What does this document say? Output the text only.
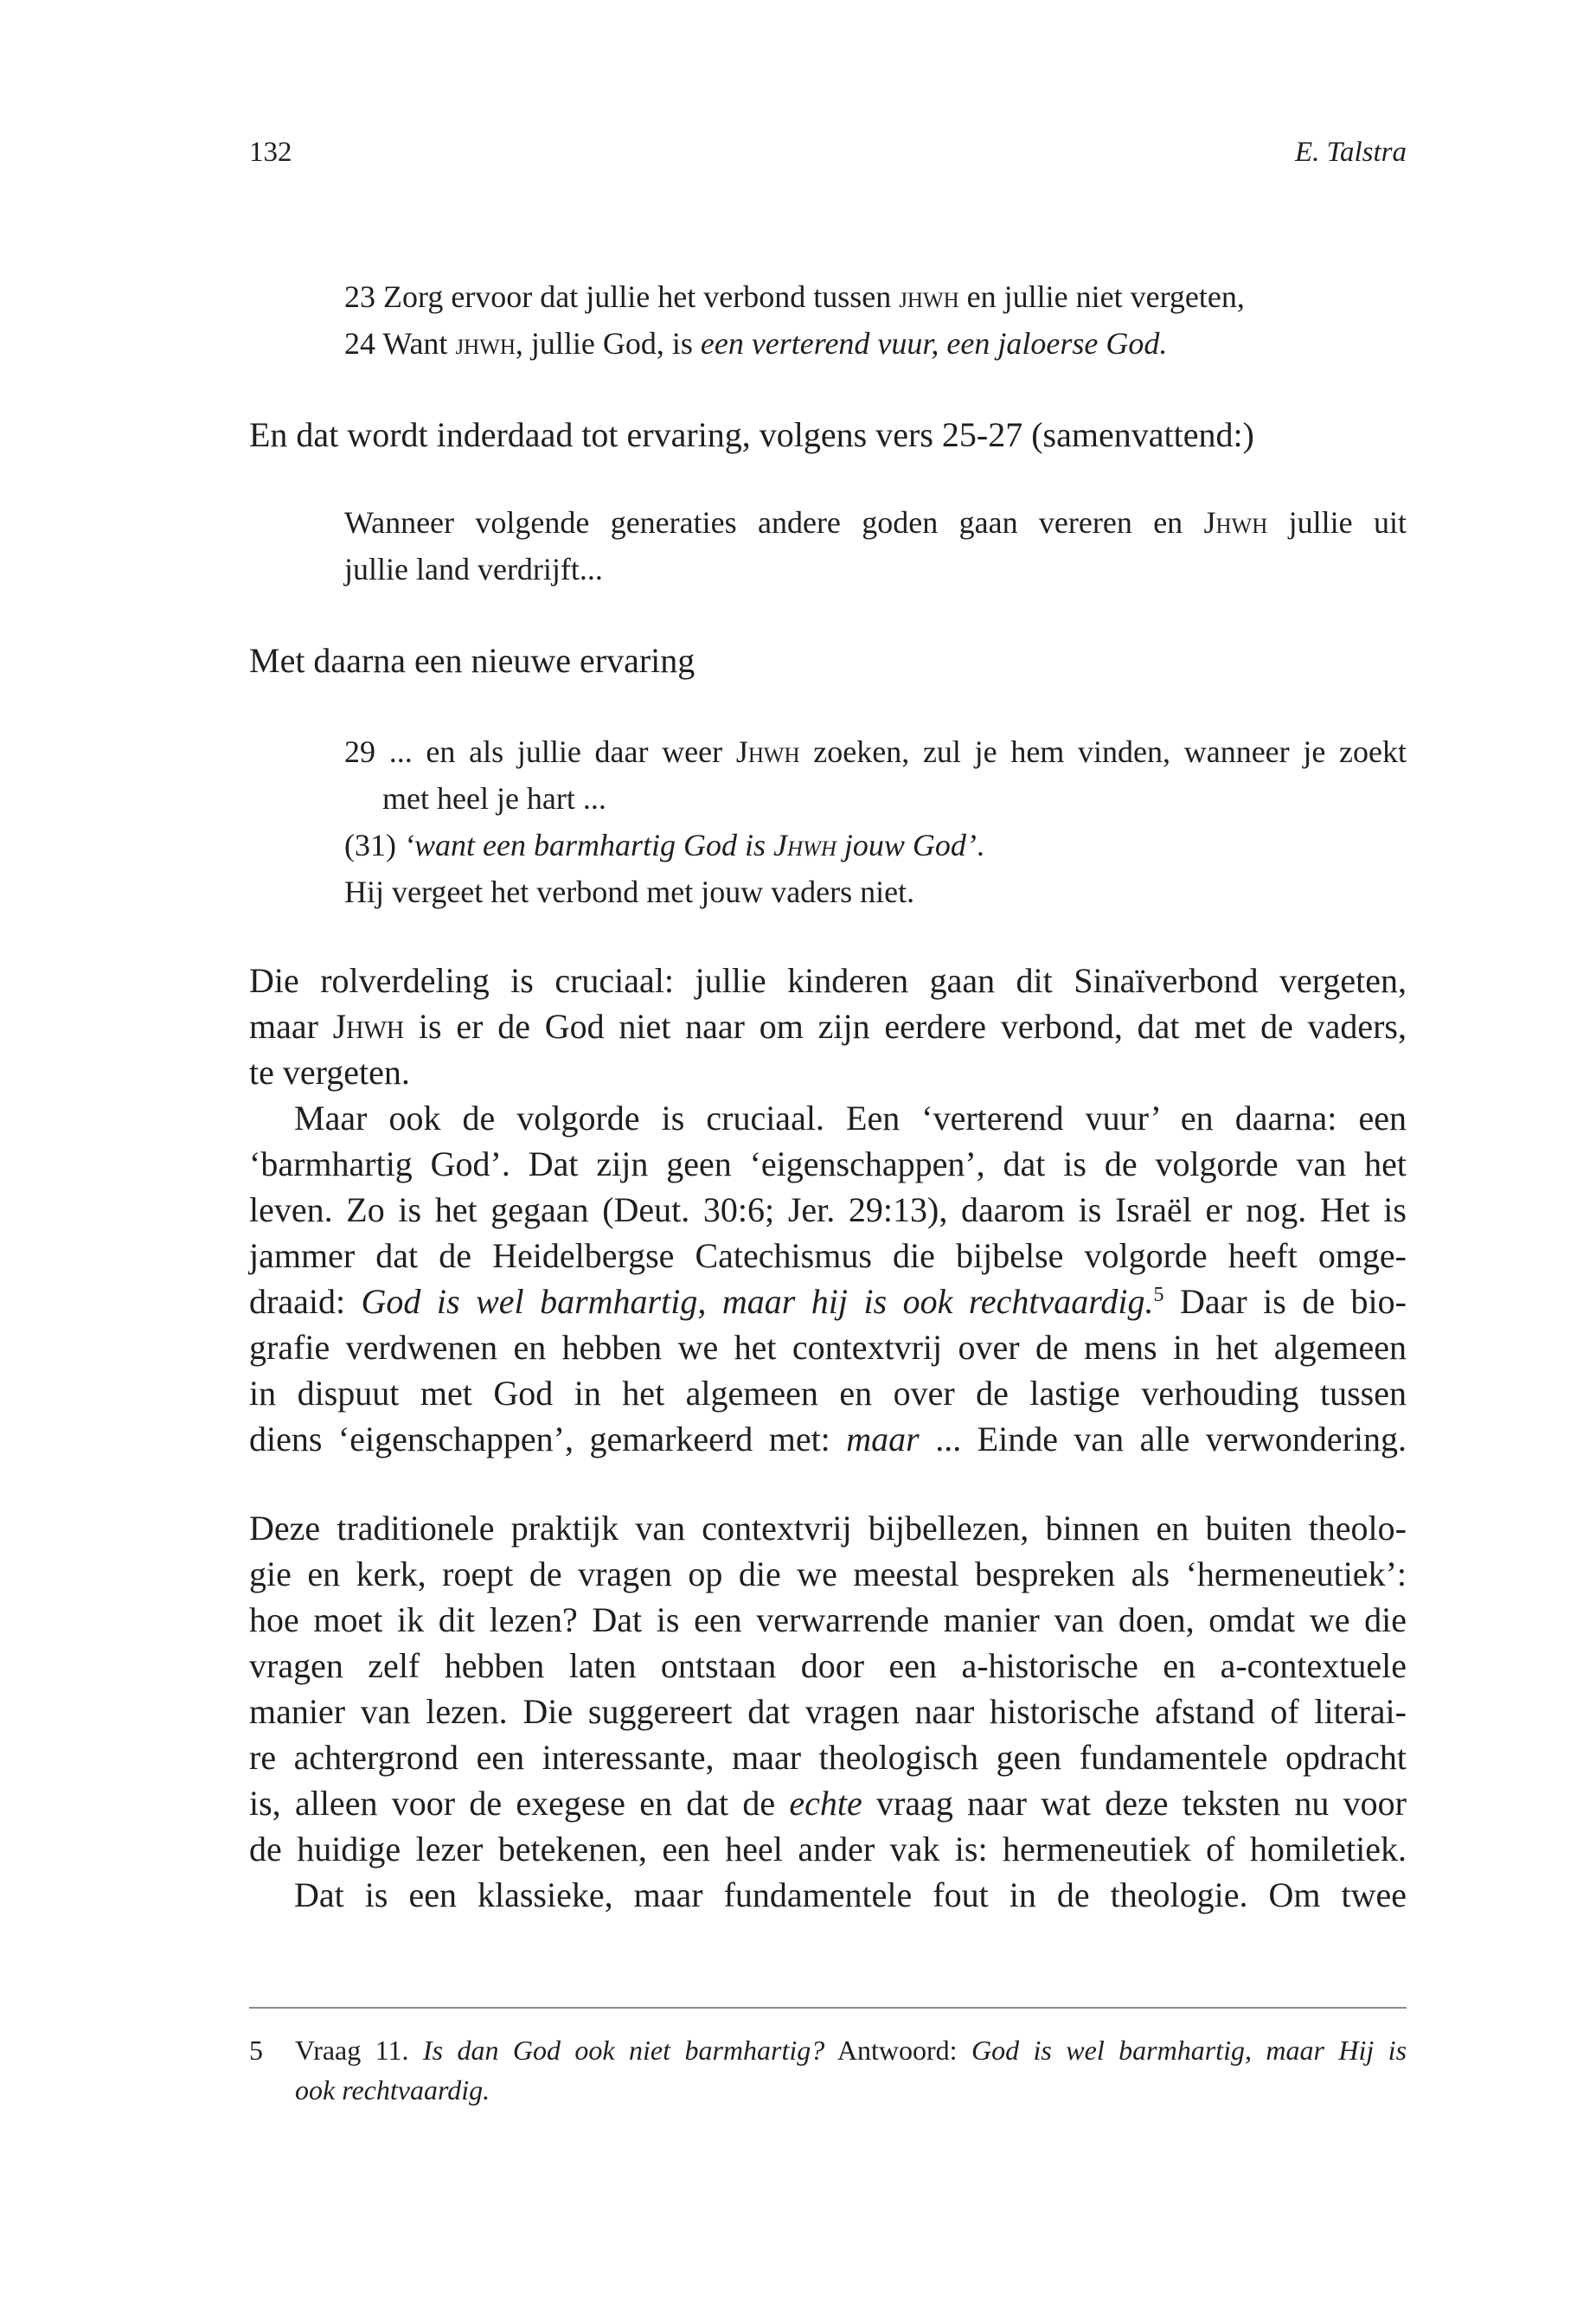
132	E. Talstra
23 Zorg ervoor dat jullie het verbond tussen jhwh en jullie niet vergeten,
24 Want jhwh, jullie God, is een verterend vuur, een jaloerse God.
En dat wordt inderdaad tot ervaring, volgens vers 25-27 (samenvattend:)
Wanneer volgende generaties andere goden gaan vereren en Jhwh jullie uit
jullie land verdrijft...
Met daarna een nieuwe ervaring
29 ... en als jullie daar weer Jhwh zoeken, zul je hem vinden, wanneer je zoekt
met heel je hart ...
(31) ‘want een barmhartig God is Jhwh jouw God’.
Hij vergeet het verbond met jouw vaders niet.
Die rolverdeling is cruciaal: jullie kinderen gaan dit Sinaïverbond vergeten,
maar Jhwh is er de God niet naar om zijn eerdere verbond, dat met de vaders,
te vergeten.
Maar ook de volgorde is cruciaal. Een ‘verterend vuur’ en daarna: een
‘barmhartig God’. Dat zijn geen ‘eigenschappen’, dat is de volgorde van het
leven. Zo is het gegaan (Deut. 30:6; Jer. 29:13), daarom is Israël er nog. Het is
jammer dat de Heidelbergse Catechismus die bijbelse volgorde heeft omge-
draaid: God is wel barmhartig, maar hij is ook rechtvaardig.$^5$ Daar is de bio-
grafie verdwenen en hebben we het contextvrij over de mens in het algemeen
in dispuut met God in het algemeen en over de lastige verhouding tussen
diens ‘eigenschappen’, gemarkeerd met: maar ... Einde van alle verwondering.
Deze traditionele praktijk van contextvrij bijbellezen, binnen en buiten theolo-
gie en kerk, roept de vragen op die we meestal bespreken als ‘hermeneutiek’:
hoe moet ik dit lezen? Dat is een verwarrende manier van doen, omdat we die
vragen zelf hebben laten ontstaan door een a-historische en a-contextuele
manier van lezen. Die suggereert dat vragen naar historische afstand of literai-
re achtergrond een interessante, maar theologisch geen fundamentele opdracht
is, alleen voor de exegese en dat de echte vraag naar wat deze teksten nu voor
de huidige lezer betekenen, een heel ander vak is: hermeneutiek of homiletiek.
Dat is een klassieke, maar fundamentele fout in de theologie. Om twee
5 Vraag 11. Is dan God ook niet barmhartig? Antwoord: God is wel barmhartig, maar Hij is
ook rechtvaardig.
